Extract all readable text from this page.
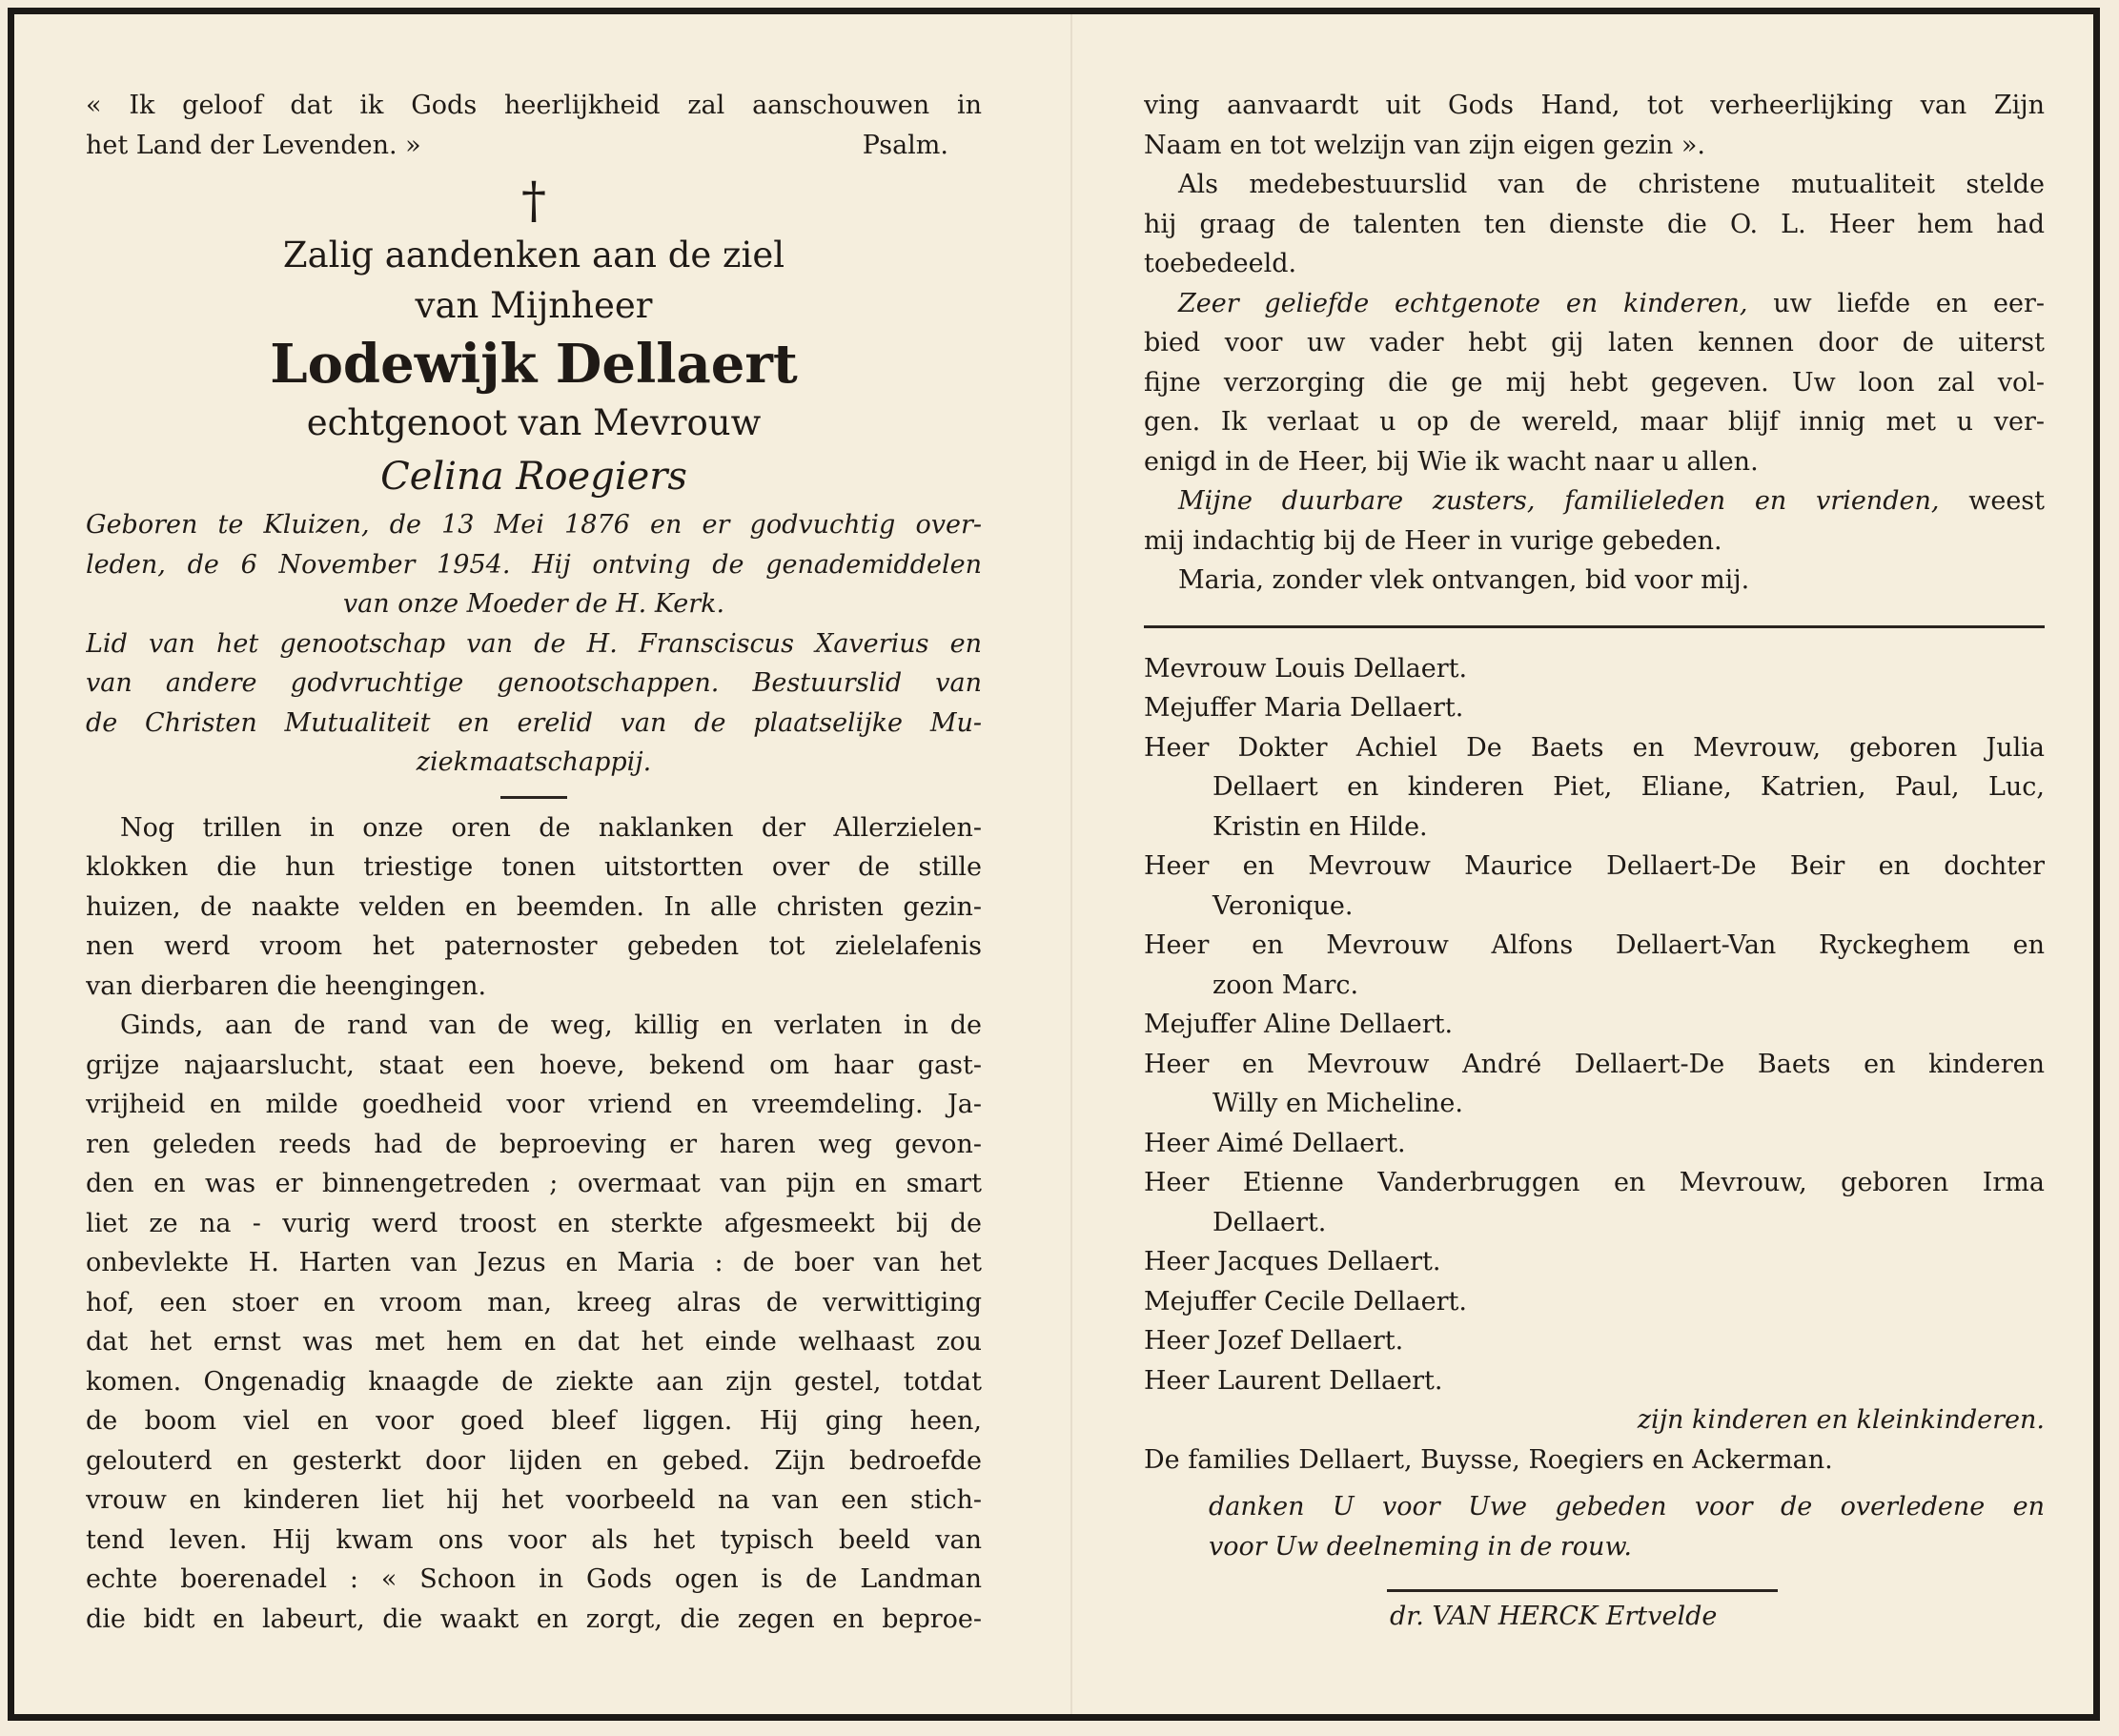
« Ik geloof dat ik Gods heerlijkheid zal aanschouwen in
het Land der Levenden. »	Psalm.
†
Zalig aandenken aan de ziel
van Mijnheer
Lodewijk Dellaert
echtgenoot van Mevrouw
Celina Roegiers
Geboren te Kluizen, de 13 Mei 1876 en er godvuchtig over-
leden, de 6 November 1954. Hij ontving de genademiddelen
van onze Moeder de H. Kerk.
Lid van het genootschap van de H. Fransciscus Xaverius en
van andere godvruchtige genootschappen. Bestuurslid van
de Christen Mutualiteit en erelid van de plaatselijke Mu-
ziekmaatschappij.
Nog trillen in onze oren de naklanken der Allerzielen-
klokken die hun triestige tonen uitstortten over de stille
huizen, de naakte velden en beemden. In alle christen gezin-
nen werd vroom het paternoster gebeden tot zielelafenis
van dierbaren die heengingen.
Ginds, aan de rand van de weg, killig en verlaten in de
grijze najaarslucht, staat een hoeve, bekend om haar gast-
vrijheid en milde goedheid voor vriend en vreemdeling. Ja-
ren geleden reeds had de beproeving er haren weg gevon-
den en was er binnengetreden ; overmaat van pijn en smart
liet ze na - vurig werd troost en sterkte afgesmeekt bij de
onbevlekte H. Harten van Jezus en Maria : de boer van het
hof, een stoer en vroom man, kreeg alras de verwittiging
dat het ernst was met hem en dat het einde welhaast zou
komen. Ongenadig knaagde de ziekte aan zijn gestel, totdat
de boom viel en voor goed bleef liggen. Hij ging heen,
gelouterd en gesterkt door lijden en gebed. Zijn bedroefde
vrouw en kinderen liet hij het voorbeeld na van een stich-
tend leven. Hij kwam ons voor als het typisch beeld van
echte boerenadel : « Schoon in Gods ogen is de Landman
die bidt en labeurt, die waakt en zorgt, die zegen en beproe-
ving aanvaardt uit Gods Hand, tot verheerlijking van Zijn
Naam en tot welzijn van zijn eigen gezin ».
Als medebestuurslid van de christene mutualiteit stelde
hij graag de talenten ten dienste die O. L. Heer hem had
toebedeeld.
Zeer geliefde echtgenote en kinderen, uw liefde en eer-
bied voor uw vader hebt gij laten kennen door de uiterst
fijne verzorging die ge mij hebt gegeven. Uw loon zal vol-
gen. Ik verlaat u op de wereld, maar blijf innig met u ver-
enigd in de Heer, bij Wie ik wacht naar u allen.
Mijne duurbare zusters, familieleden en vrienden, weest
mij indachtig bij de Heer in vurige gebeden.
Maria, zonder vlek ontvangen, bid voor mij.
Mevrouw Louis Dellaert.
Mejuffer Maria Dellaert.
Heer Dokter Achiel De Baets en Mevrouw, geboren Julia
Dellaert en kinderen Piet, Eliane, Katrien, Paul, Luc,
Kristin en Hilde.
Heer en Mevrouw Maurice Dellaert-De Beir en dochter
Veronique.
Heer en Mevrouw Alfons Dellaert-Van Ryckeghem en
zoon Marc.
Mejuffer Aline Dellaert.
Heer en Mevrouw André Dellaert-De Baets en kinderen
Willy en Micheline.
Heer Aimé Dellaert.
Heer Etienne Vanderbruggen en Mevrouw, geboren Irma
Dellaert.
Heer Jacques Dellaert.
Mejuffer Cecile Dellaert.
Heer Jozef Dellaert.
Heer Laurent Dellaert.
zijn kinderen en kleinkinderen.
De families Dellaert, Buysse, Roegiers en Ackerman.
danken U voor Uwe gebeden voor de overledene en
voor Uw deelneming in de rouw.
dr. VAN HERCK Ertvelde
